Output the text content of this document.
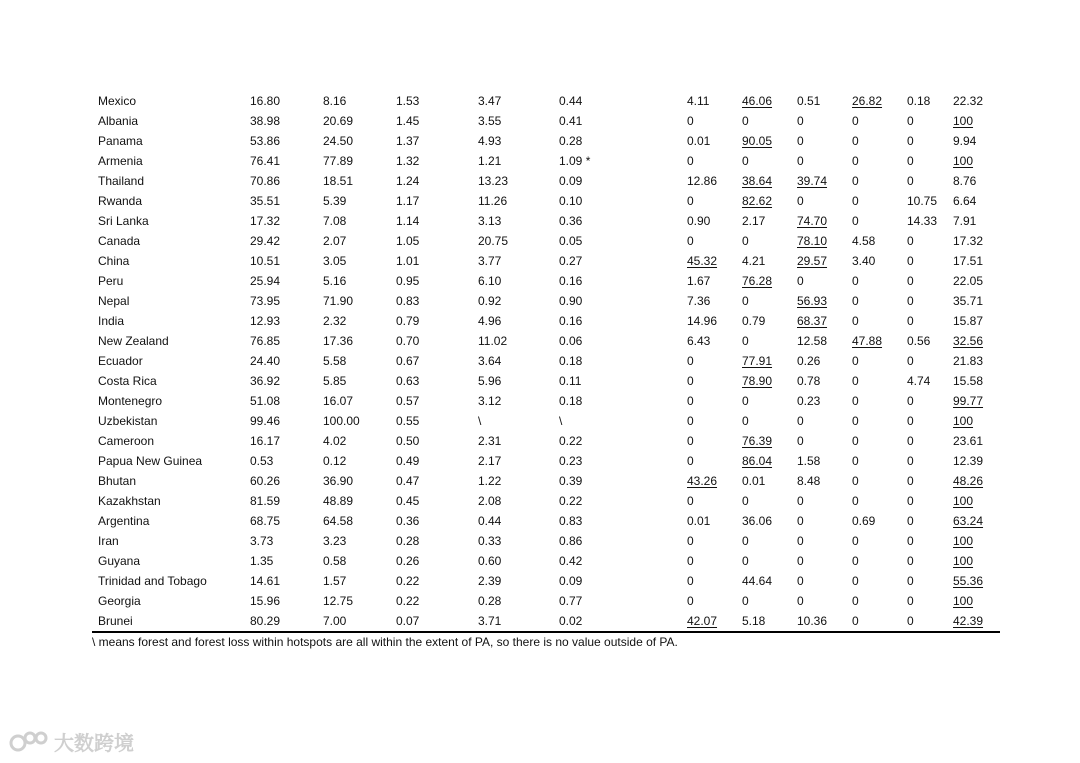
Mexico	16.80	8.16	1.53	3.47	0.44	4.11	46.06	0.51	26.82	0.18	22.32
Albania	38.98	20.69	1.45	3.55	0.41	0	0	0	0	0	100
Panama	53.86	24.50	1.37	4.93	0.28	0.01	90.05	0	0	0	9.94
Armenia	76.41	77.89	1.32	1.21	1.09 *	0	0	0	0	0	100
Thailand	70.86	18.51	1.24	13.23	0.09	12.86	38.64	39.74	0	0	8.76
Rwanda	35.51	5.39	1.17	11.26	0.10	0	82.62	0	0	10.75	6.64
Sri Lanka	17.32	7.08	1.14	3.13	0.36	0.90	2.17	74.70	0	14.33	7.91
Canada	29.42	2.07	1.05	20.75	0.05	0	0	78.10	4.58	0	17.32
China	10.51	3.05	1.01	3.77	0.27	45.32	4.21	29.57	3.40	0	17.51
Peru	25.94	5.16	0.95	6.10	0.16	1.67	76.28	0	0	0	22.05
Nepal	73.95	71.90	0.83	0.92	0.90	7.36	0	56.93	0	0	35.71
India	12.93	2.32	0.79	4.96	0.16	14.96	0.79	68.37	0	0	15.87
New Zealand	76.85	17.36	0.70	11.02	0.06	6.43	0	12.58	47.88	0.56	32.56
Ecuador	24.40	5.58	0.67	3.64	0.18	0	77.91	0.26	0	0	21.83
Costa Rica	36.92	5.85	0.63	5.96	0.11	0	78.90	0.78	0	4.74	15.58
Montenegro	51.08	16.07	0.57	3.12	0.18	0	0	0.23	0	0	99.77
Uzbekistan	99.46	100.00	0.55	\	\	0	0	0	0	0	100
Cameroon	16.17	4.02	0.50	2.31	0.22	0	76.39	0	0	0	23.61
Papua New Guinea	0.53	0.12	0.49	2.17	0.23	0	86.04	1.58	0	0	12.39
Bhutan	60.26	36.90	0.47	1.22	0.39	43.26	0.01	8.48	0	0	48.26
Kazakhstan	81.59	48.89	0.45	2.08	0.22	0	0	0	0	0	100
Argentina	68.75	64.58	0.36	0.44	0.83	0.01	36.06	0	0.69	0	63.24
Iran	3.73	3.23	0.28	0.33	0.86	0	0	0	0	0	100
Guyana	1.35	0.58	0.26	0.60	0.42	0	0	0	0	0	100
Trinidad and Tobago	14.61	1.57	0.22	2.39	0.09	0	44.64	0	0	0	55.36
Georgia	15.96	12.75	0.22	0.28	0.77	0	0	0	0	0	100
Brunei	80.29	7.00	0.07	3.71	0.02	42.07	5.18	10.36	0	0	42.39
\ means forest and forest loss within hotspots are all within the extent of PA, so there is no value outside of PA.
大数跨境
